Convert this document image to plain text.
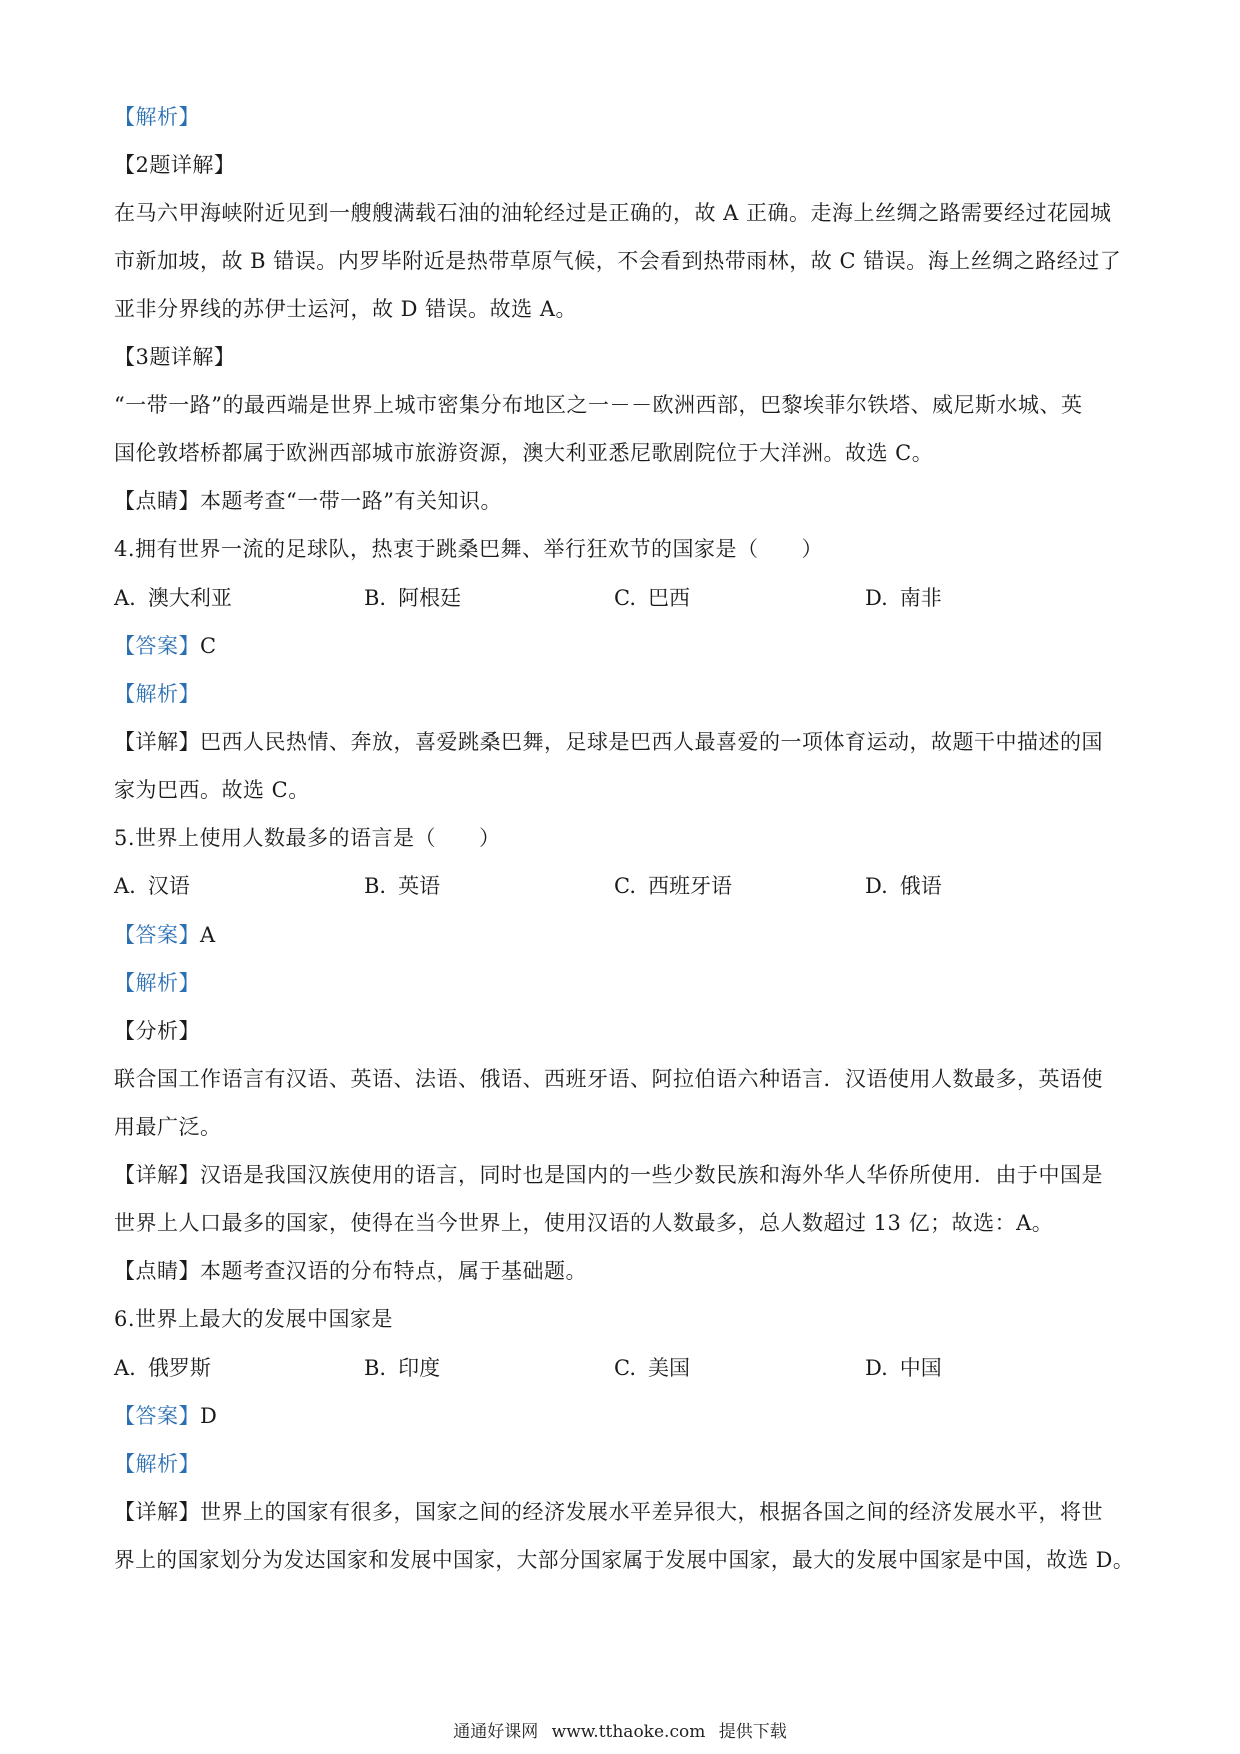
【解析】
【2题详解】
在马六甲海峡附近见到一艘艘满载石油的油轮经过是正确的，故 A 正确。走海上丝绸之路需要经过花园城
市新加坡，故 B 错误。内罗毕附近是热带草原气候，不会看到热带雨林，故 C 错误。海上丝绸之路经过了
亚非分界线的苏伊士运河，故 D 错误。故选 A。
【3题详解】
“一带一路”的最西端是世界上城市密集分布地区之一－－欧洲西部，巴黎埃菲尔铁塔、威尼斯水城、英
国伦敦塔桥都属于欧洲西部城市旅游资源，澳大利亚悉尼歌剧院位于大洋洲。故选 C。
【点睛】本题考查“一带一路”有关知识。
4.拥有世界一流的足球队，热衷于跳桑巴舞、举行狂欢节的国家是（　　）
A. 澳大利亚	B. 阿根廷	C. 巴西	D. 南非
【答案】C
【解析】
【详解】巴西人民热情、奔放，喜爱跳桑巴舞，足球是巴西人最喜爱的一项体育运动，故题干中描述的国
家为巴西。故选 C。
5.世界上使用人数最多的语言是（　　）
A. 汉语	B. 英语	C. 西班牙语	D. 俄语
【答案】A
【解析】
【分析】
联合国工作语言有汉语、英语、法语、俄语、西班牙语、阿拉伯语六种语言．汉语使用人数最多，英语使
用最广泛。
【详解】汉语是我国汉族使用的语言，同时也是国内的一些少数民族和海外华人华侨所使用．由于中国是
世界上人口最多的国家，使得在当今世界上，使用汉语的人数最多，总人数超过 13 亿；故选：A。
【点睛】本题考查汉语的分布特点，属于基础题。
6.世界上最大的发展中国家是
A. 俄罗斯	B. 印度	C. 美国	D. 中国
【答案】D
【解析】
【详解】世界上的国家有很多，国家之间的经济发展水平差异很大，根据各国之间的经济发展水平，将世
界上的国家划分为发达国家和发展中国家，大部分国家属于发展中国家，最大的发展中国家是中国，故选 D。
通通好课网 www.tthaoke.com 提供下载
